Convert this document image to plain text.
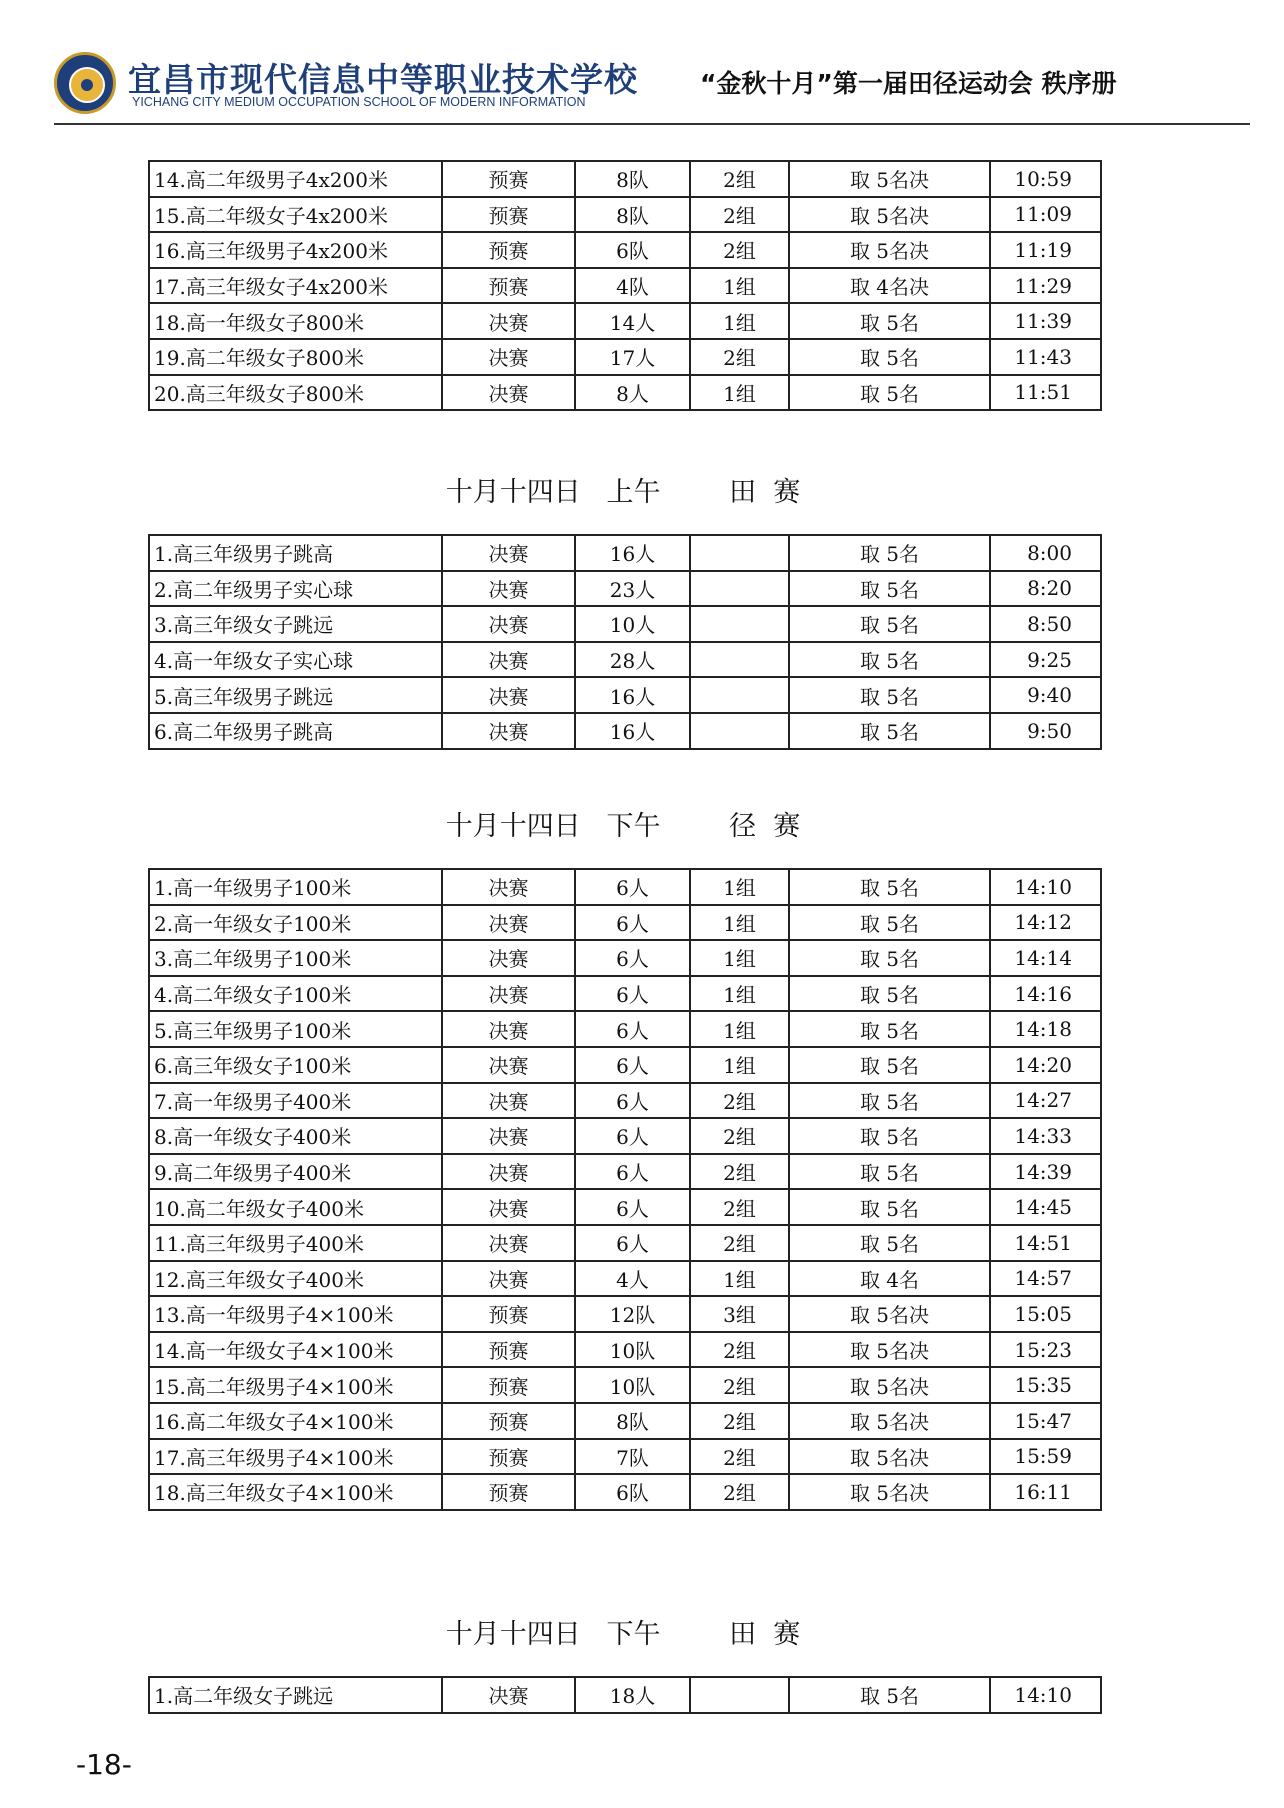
宜昌市现代信息中等职业技术学校
YICHANG CITY MEDIUM OCCUPATION SCHOOL OF MODERN INFORMATION
“金秋十月”第一届田径运动会 秩序册
14.高二年级男子4x200米	预赛	8队	2组	取 5名决	10:59
15.高二年级女子4x200米	预赛	8队	2组	取 5名决	11:09
16.高三年级男子4x200米	预赛	6队	2组	取 5名决	11:19
17.高三年级女子4x200米	预赛	4队	1组	取 4名决	11:29
18.高一年级女子800米	决赛	14人	1组	取 5名	11:39
19.高二年级女子800米	决赛	17人	2组	取 5名	11:43
20.高三年级女子800米	决赛	8人	1组	取 5名	11:51
十月十四日   上午        田  赛
1.高三年级男子跳高	决赛	16人		取 5名	8:00
2.高二年级男子实心球	决赛	23人		取 5名	8:20
3.高三年级女子跳远	决赛	10人		取 5名	8:50
4.高一年级女子实心球	决赛	28人		取 5名	9:25
5.高三年级男子跳远	决赛	16人		取 5名	9:40
6.高二年级男子跳高	决赛	16人		取 5名	9:50
十月十四日   下午        径  赛
1.高一年级男子100米	决赛	6人	1组	取 5名	14:10
2.高一年级女子100米	决赛	6人	1组	取 5名	14:12
3.高二年级男子100米	决赛	6人	1组	取 5名	14:14
4.高二年级女子100米	决赛	6人	1组	取 5名	14:16
5.高三年级男子100米	决赛	6人	1组	取 5名	14:18
6.高三年级女子100米	决赛	6人	1组	取 5名	14:20
7.高一年级男子400米	决赛	6人	2组	取 5名	14:27
8.高一年级女子400米	决赛	6人	2组	取 5名	14:33
9.高二年级男子400米	决赛	6人	2组	取 5名	14:39
10.高二年级女子400米	决赛	6人	2组	取 5名	14:45
11.高三年级男子400米	决赛	6人	2组	取 5名	14:51
12.高三年级女子400米	决赛	4人	1组	取 4名	14:57
13.高一年级男子4×100米	预赛	12队	3组	取 5名决	15:05
14.高一年级女子4×100米	预赛	10队	2组	取 5名决	15:23
15.高二年级男子4×100米	预赛	10队	2组	取 5名决	15:35
16.高二年级女子4×100米	预赛	8队	2组	取 5名决	15:47
17.高三年级男子4×100米	预赛	7队	2组	取 5名决	15:59
18.高三年级女子4×100米	预赛	6队	2组	取 5名决	16:11
十月十四日   下午        田  赛
1.高二年级女子跳远	决赛	18人		取 5名	14:10
-18-
